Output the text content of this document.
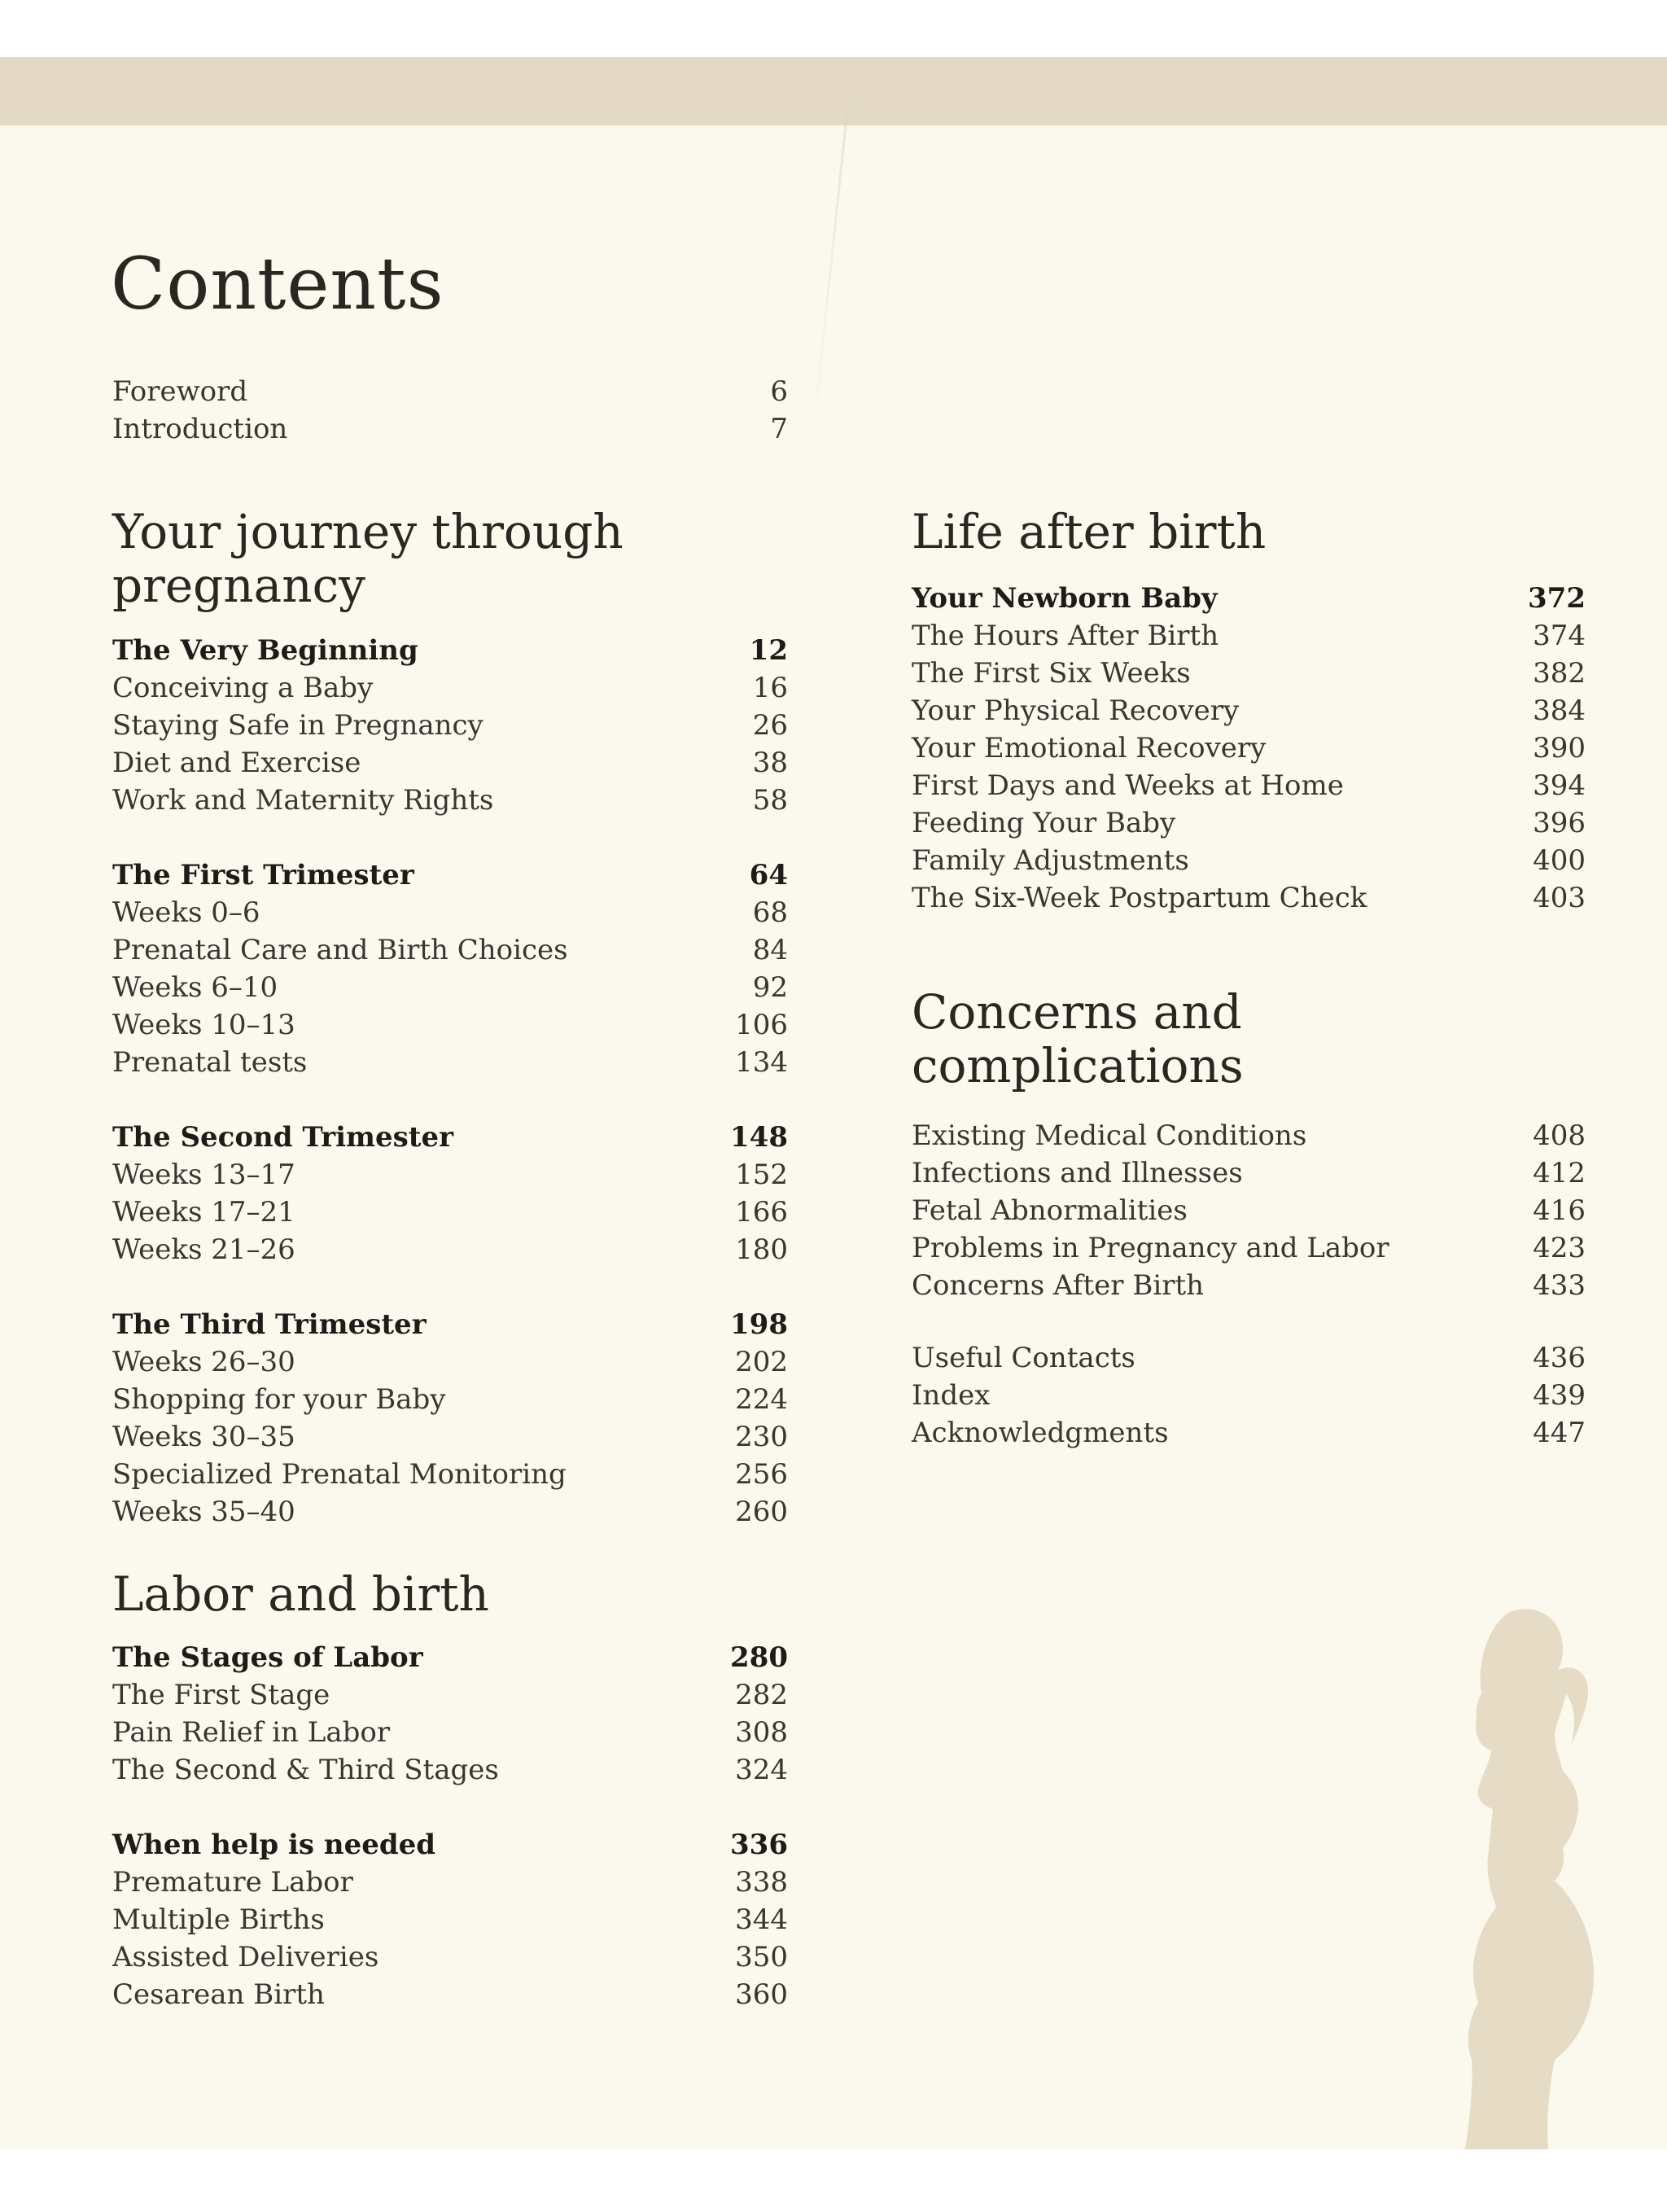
Contents
Foreword	6
Introduction	7
Your journey through
pregnancy
The Very Beginning	12
Conceiving a Baby	16
Staying Safe in Pregnancy	26
Diet and Exercise	38
Work and Maternity Rights	58
The First Trimester	64
Weeks 0–6	68
Prenatal Care and Birth Choices	84
Weeks 6–10	92
Weeks 10–13	106
Prenatal tests	134
The Second Trimester	148
Weeks 13–17	152
Weeks 17–21	166
Weeks 21–26	180
The Third Trimester	198
Weeks 26–30	202
Shopping for your Baby	224
Weeks 30–35	230
Specialized Prenatal Monitoring	256
Weeks 35–40	260
Labor and birth
The Stages of Labor	280
The First Stage	282
Pain Relief in Labor	308
The Second & Third Stages	324
When help is needed	336
Premature Labor	338
Multiple Births	344
Assisted Deliveries	350
Cesarean Birth	360
Life after birth
Your Newborn Baby	372
The Hours After Birth	374
The First Six Weeks	382
Your Physical Recovery	384
Your Emotional Recovery	390
First Days and Weeks at Home	394
Feeding Your Baby	396
Family Adjustments	400
The Six-Week Postpartum Check	403
Concerns and complications
Existing Medical Conditions	408
Infections and Illnesses	412
Fetal Abnormalities	416
Problems in Pregnancy and Labor	423
Concerns After Birth	433
Useful Contacts	436
Index	439
Acknowledgments	447
